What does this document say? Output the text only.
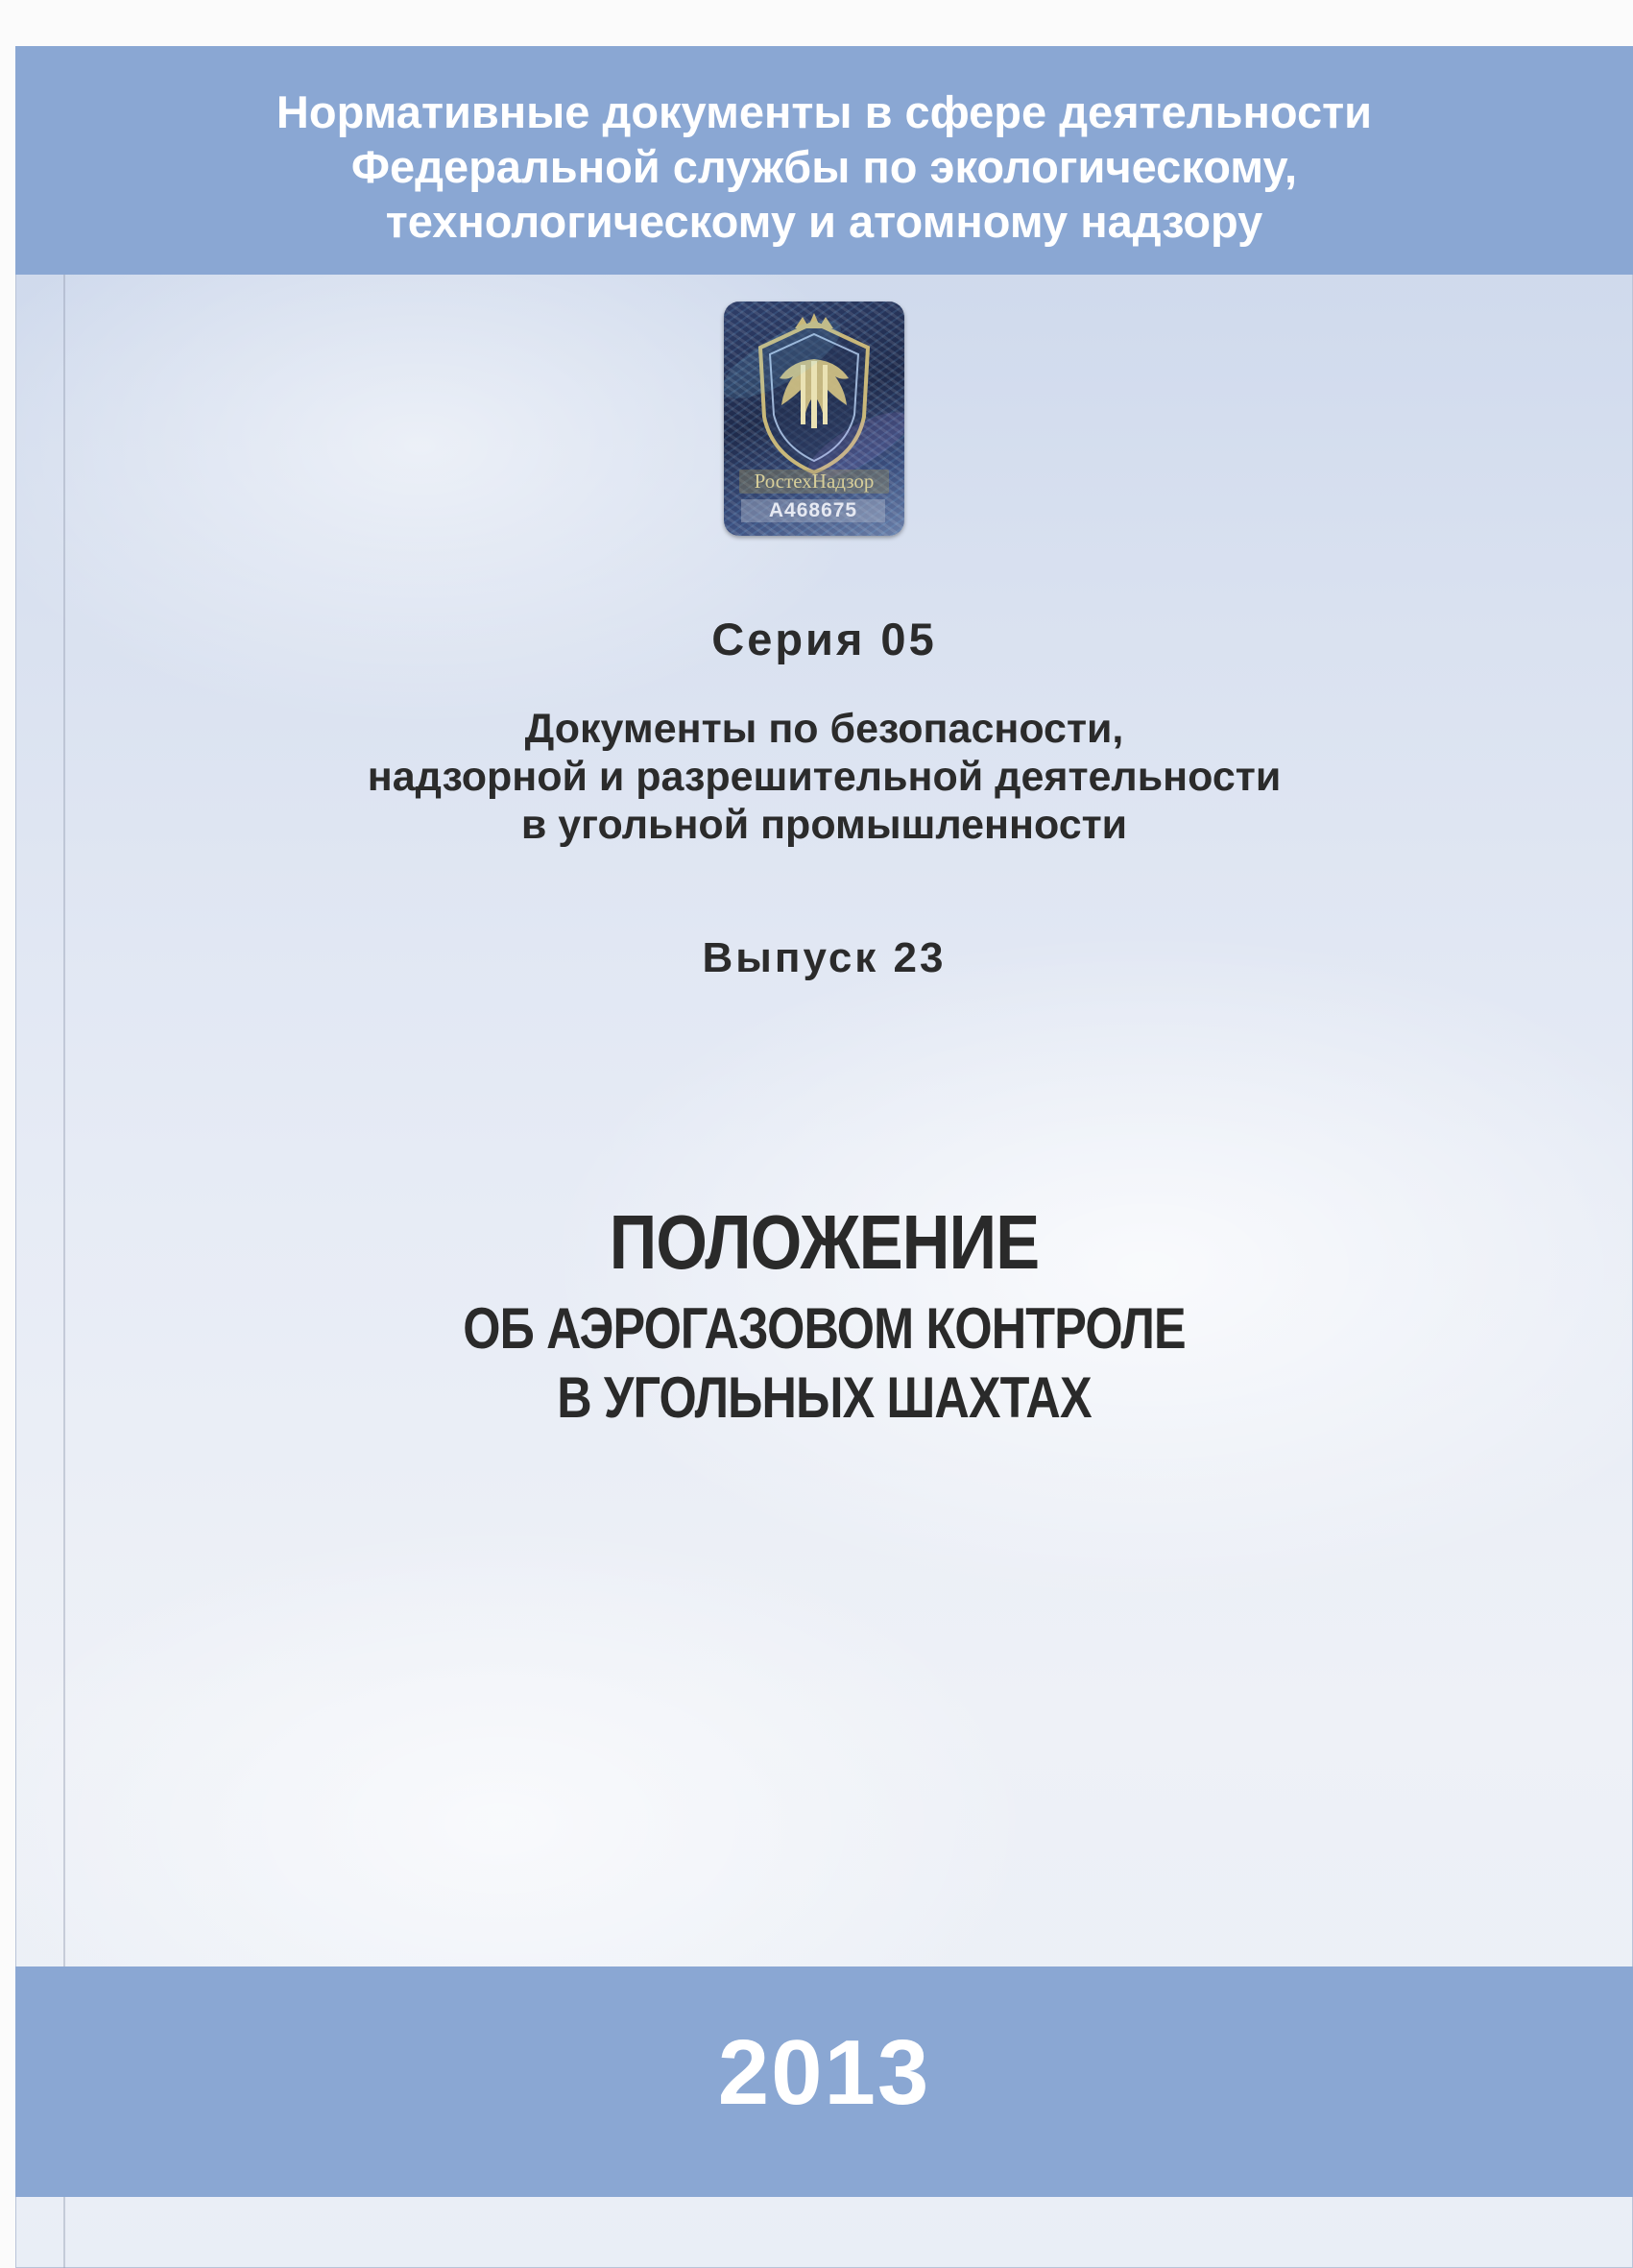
Нормативные документы в сфере деятельности
Федеральной службы по экологическому,
технологическому и атомному надзору
РостехНадзор
А468675
Серия 05
Документы по безопасности,
надзорной и разрешительной деятельности
в угольной промышленности
Выпуск 23
ПОЛОЖЕНИЕ
ОБ АЭРОГАЗОВОМ КОНТРОЛЕ
В УГОЛЬНЫХ ШАХТАХ
2013
